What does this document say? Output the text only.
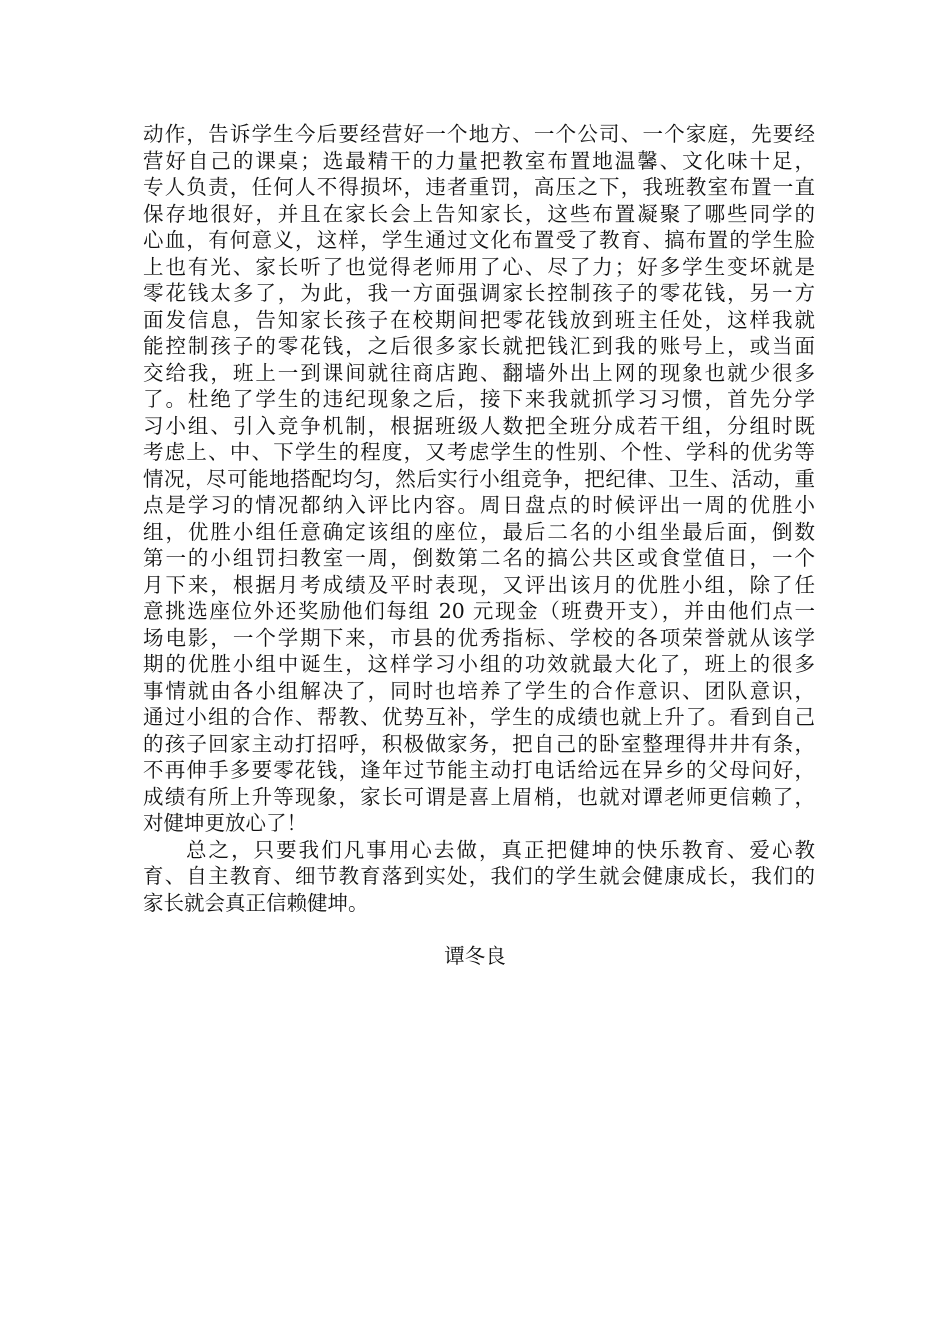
动作，告诉学生今后要经营好一个地方、一个公司、一个家庭，先要经
营好自己的课桌；选最精干的力量把教室布置地温馨、文化味十足，
专人负责，任何人不得损坏，违者重罚，高压之下，我班教室布置一直
保存地很好，并且在家长会上告知家长，这些布置凝聚了哪些同学的
心血，有何意义，这样，学生通过文化布置受了教育、搞布置的学生脸
上也有光、家长听了也觉得老师用了心、尽了力；好多学生变坏就是
零花钱太多了，为此，我一方面强调家长控制孩子的零花钱，另一方
面发信息，告知家长孩子在校期间把零花钱放到班主任处，这样我就
能控制孩子的零花钱，之后很多家长就把钱汇到我的账号上，或当面
交给我，班上一到课间就往商店跑、翻墙外出上网的现象也就少很多
了。杜绝了学生的违纪现象之后，接下来我就抓学习习惯，首先分学
习小组、引入竞争机制，根据班级人数把全班分成若干组，分组时既
考虑上、中、下学生的程度，又考虑学生的性别、个性、学科的优劣等
情况，尽可能地搭配均匀，然后实行小组竞争，把纪律、卫生、活动，重
点是学习的情况都纳入评比内容。周日盘点的时候评出一周的优胜小
组，优胜小组任意确定该组的座位，最后二名的小组坐最后面，倒数
第一的小组罚扫教室一周，倒数第二名的搞公共区或食堂值日，一个
月下来，根据月考成绩及平时表现，又评出该月的优胜小组，除了任
意挑选座位外还奖励他们每组 20 元现金（班费开支），并由他们点一
场电影，一个学期下来，市县的优秀指标、学校的各项荣誉就从该学
期的优胜小组中诞生，这样学习小组的功效就最大化了，班上的很多
事情就由各小组解决了，同时也培养了学生的合作意识、团队意识，
通过小组的合作、帮教、优势互补，学生的成绩也就上升了。看到自己
的孩子回家主动打招呼，积极做家务，把自己的卧室整理得井井有条，
不再伸手多要零花钱，逢年过节能主动打电话给远在异乡的父母问好，
成绩有所上升等现象，家长可谓是喜上眉梢，也就对谭老师更信赖了，
对健坤更放心了！
总之，只要我们凡事用心去做，真正把健坤的快乐教育、爱心教
育、自主教育、细节教育落到实处，我们的学生就会健康成长，我们的
家长就会真正信赖健坤。
谭冬良
